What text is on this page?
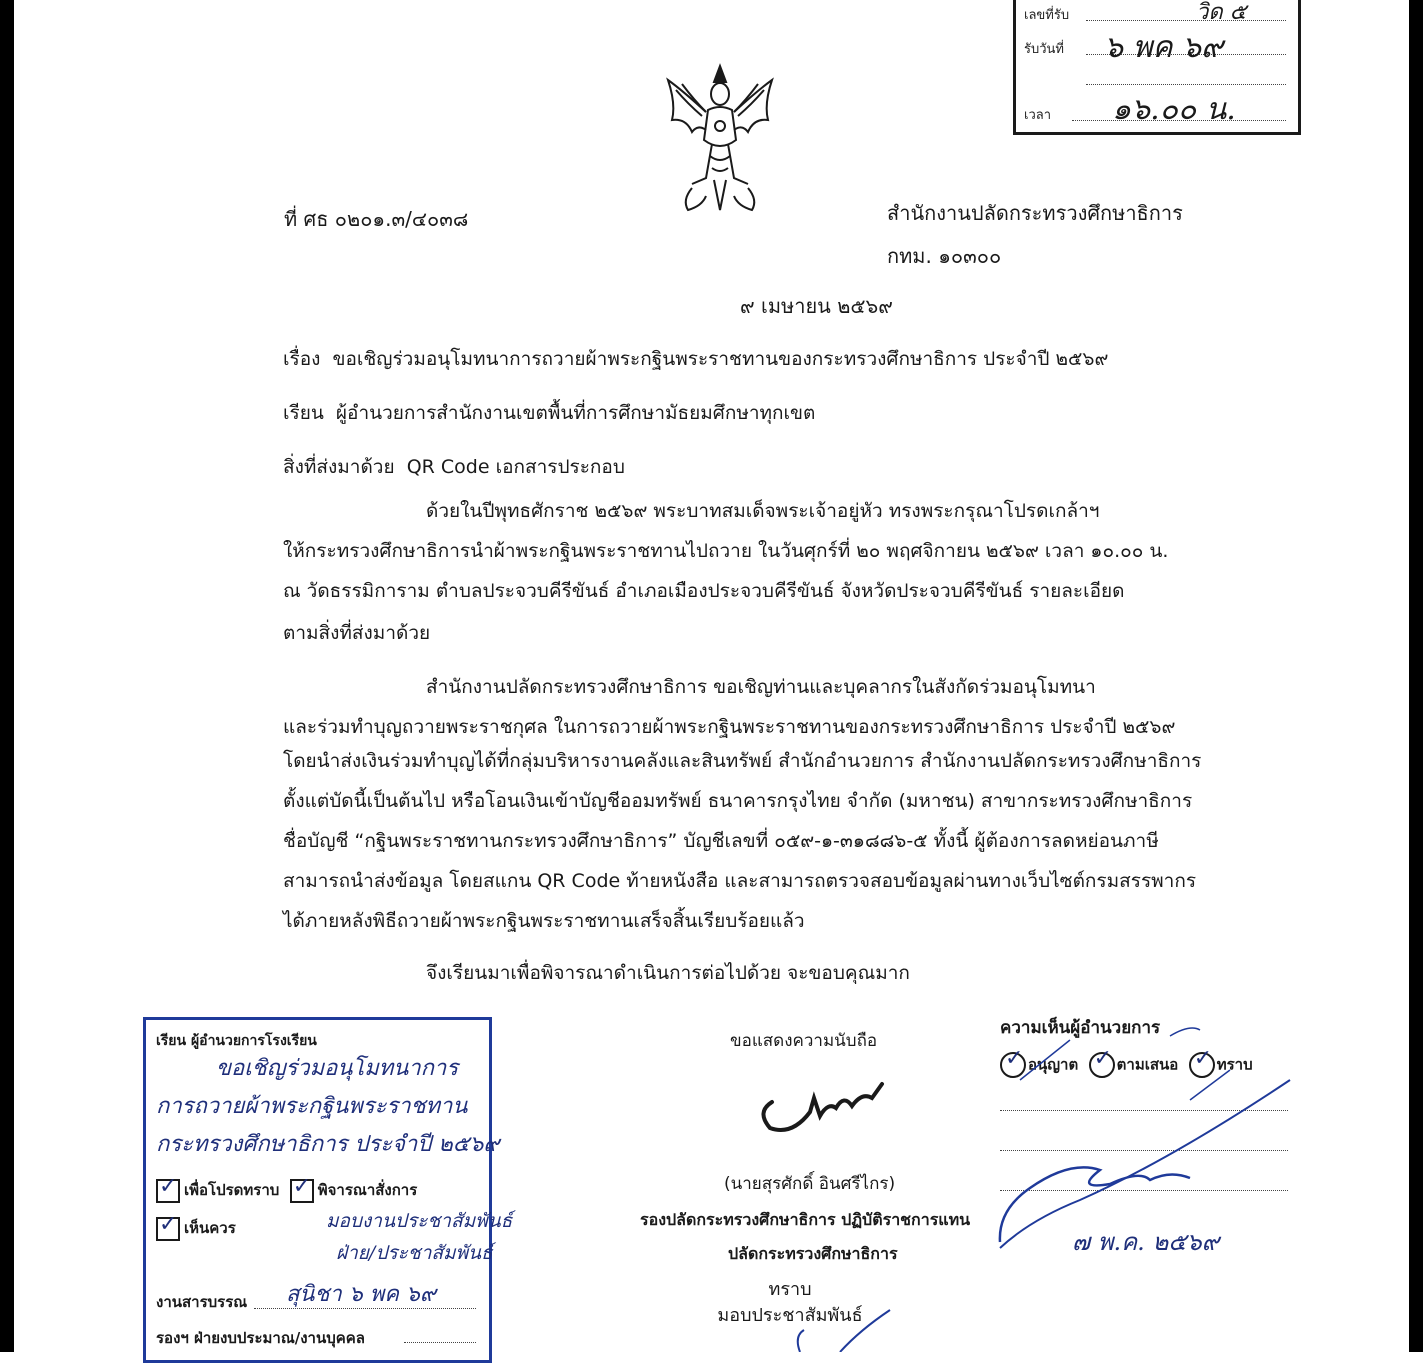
เลขที่รับ	วิด ๕
รับวันที่ ๖ พค ๖๙
เวลา ๑๖.๐๐ น.
ที่ ศธ ๐๒๐๑.๓/๔๐๓๘	สำนักงานปลัดกระทรวงศึกษาธิการ
กทม. ๑๐๓๐๐
๙ เมษายน ๒๕๖๙
เรื่อง ขอเชิญร่วมอนุโมทนาการถวายผ้าพระกฐินพระราชทานของกระทรวงศึกษาธิการ ประจำปี ๒๕๖๙
เรียน ผู้อำนวยการสำนักงานเขตพื้นที่การศึกษามัธยมศึกษาทุกเขต
สิ่งที่ส่งมาด้วย QR Code เอกสารประกอบ
ด้วยในปีพุทธศักราช ๒๕๖๙ พระบาทสมเด็จพระเจ้าอยู่หัว ทรงพระกรุณาโปรดเกล้าฯ
ให้กระทรวงศึกษาธิการนำผ้าพระกฐินพระราชทานไปถวาย ในวันศุกร์ที่ ๒๐ พฤศจิกายน ๒๕๖๙ เวลา ๑๐.๐๐ น.
ณ วัดธรรมิการาม ตำบลประจวบคีรีขันธ์ อำเภอเมืองประจวบคีรีขันธ์ จังหวัดประจวบคีรีขันธ์ รายละเอียด
ตามสิ่งที่ส่งมาด้วย
สำนักงานปลัดกระทรวงศึกษาธิการ ขอเชิญท่านและบุคลากรในสังกัดร่วมอนุโมทนา
และร่วมทำบุญถวายพระราชกุศล ในการถวายผ้าพระกฐินพระราชทานของกระทรวงศึกษาธิการ ประจำปี ๒๕๖๙
โดยนำส่งเงินร่วมทำบุญได้ที่กลุ่มบริหารงานคลังและสินทรัพย์ สำนักอำนวยการ สำนักงานปลัดกระทรวงศึกษาธิการ
ตั้งแต่บัดนี้เป็นต้นไป หรือโอนเงินเข้าบัญชีออมทรัพย์ ธนาคารกรุงไทย จำกัด (มหาชน) สาขากระทรวงศึกษาธิการ
ชื่อบัญชี “กฐินพระราชทานกระทรวงศึกษาธิการ” บัญชีเลขที่ ๐๕๙-๑-๓๑๘๘๖-๕ ทั้งนี้ ผู้ต้องการลดหย่อนภาษี
สามารถนำส่งข้อมูล โดยสแกน QR Code ท้ายหนังสือ และสามารถตรวจสอบข้อมูลผ่านทางเว็บไซต์กรมสรรพากร
ได้ภายหลังพิธีถวายผ้าพระกฐินพระราชทานเสร็จสิ้นเรียบร้อยแล้ว
จึงเรียนมาเพื่อพิจารณาดำเนินการต่อไปด้วย จะขอบคุณมาก
ขอแสดงความนับถือ
(นายสุรศักดิ์ อินศรีไกร)
รองปลัดกระทรวงศึกษาธิการ ปฏิบัติราชการแทน
ปลัดกระทรวงศึกษาธิการ
ความเห็นผู้อำนวยการ
✓อนุญาต ✓	ตามเสนอ ✓	ทราบ
๗ พ.ค. ๒๕๖๙
เรียน ผู้อำนวยการโรงเรียน
ขอเชิญร่วมอนุโมทนาการ
การถวายผ้าพระกฐินพระราชทาน
กระทรวงศึกษาธิการ ประจำปี ๒๕๖๙
✓เพื่อโปรดทราบ ✓	พิจารณาสั่งการ
✓เห็นควร	มอบงานประชาสัมพันธ์
ฝ่าย/ประชาสัมพันธ์
งานสารบรรณ สุนิชา ๖ พค ๖๙
รองฯ ฝ่ายงบประมาณ/งานบุคคล
ทราบ
มอบประชาสัมพันธ์
